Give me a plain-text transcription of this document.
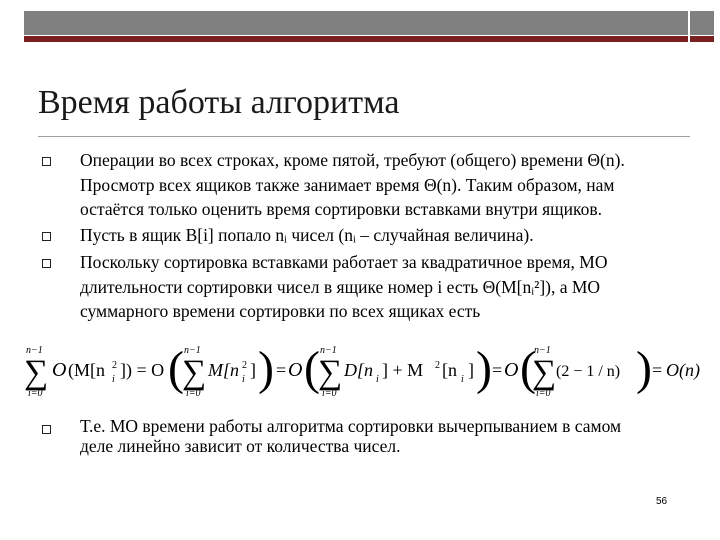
Время работы алгоритма
Операции во всех строках, кроме пятой, требуют (общего) времени Θ(n).
Просмотр всех ящиков также занимает время Θ(n). Таким образом, нам
остаётся только оценить время сортировки вставками внутри ящиков.
Пусть в ящик B[i] попало nᵢ чисел (nᵢ – случайная величина).
Поскольку сортировка вставками работает за квадратичное время, МО
длительности сортировки чисел в ящике номер i есть Θ(M[nᵢ²]), а МО
суммарного времени сортировки по всех ящиках есть
n−1
∑
i=0
O (M[n 2
i ]) = O ( n−1
∑
i=0
M[n 2
i ] ) = O ( n−1
∑
i=0
D[n i ] + M 2 [n i ] ) = O (
n−1
∑
i=0
(2 − 1 / n) ) = O(n)
Т.е. МО времени работы алгоритма сортировки вычерпыванием в самом
деле линейно зависит от количества чисел.
56
